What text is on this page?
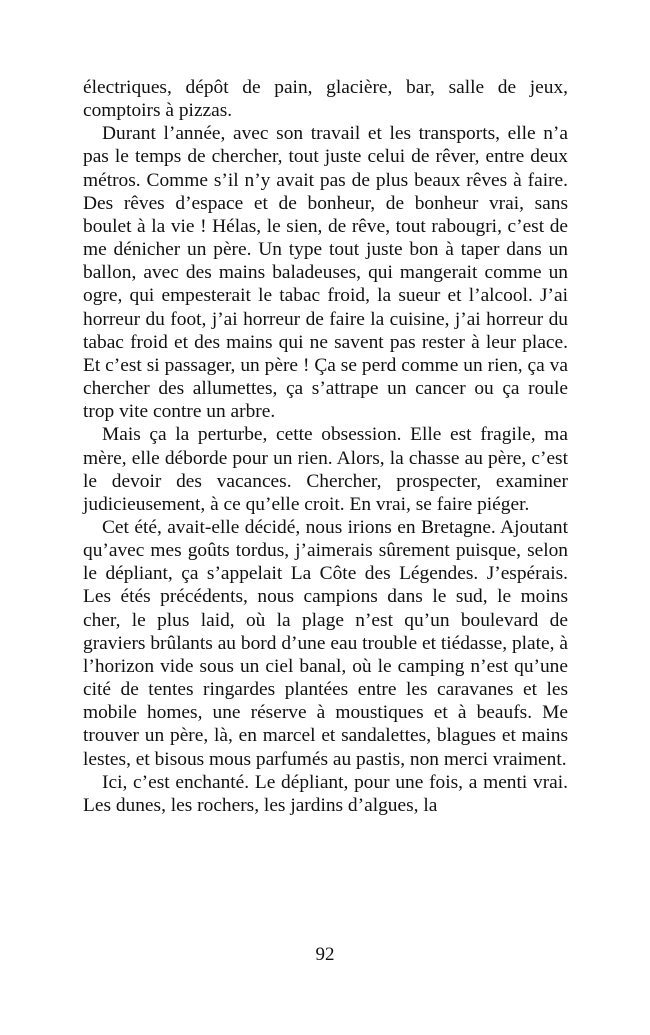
électriques, dépôt de pain, glacière, bar, salle de jeux, comptoirs à pizzas.

Durant l’année, avec son travail et les transports, elle n’a pas le temps de chercher, tout juste celui de rêver, entre deux métros. Comme s’il n’y avait pas de plus beaux rêves à faire. Des rêves d’espace et de bonheur, de bonheur vrai, sans boulet à la vie ! Hélas, le sien, de rêve, tout rabougri, c’est de me dénicher un père. Un type tout juste bon à taper dans un ballon, avec des mains baladeuses, qui mangerait comme un ogre, qui empesterait le tabac froid, la sueur et l’alcool. J’ai horreur du foot, j’ai horreur de faire la cuisine, j’ai horreur du tabac froid et des mains qui ne savent pas rester à leur place. Et c’est si passager, un père ! Ça se perd comme un rien, ça va chercher des allumettes, ça s’attrape un cancer ou ça roule trop vite contre un arbre.

Mais ça la perturbe, cette obsession. Elle est fragile, ma mère, elle déborde pour un rien. Alors, la chasse au père, c’est le devoir des vacances. Chercher, prospecter, examiner judicieusement, à ce qu’elle croit. En vrai, se faire piéger.

Cet été, avait-elle décidé, nous irions en Bretagne. Ajoutant qu’avec mes goûts tordus, j’aimerais sûrement puisque, selon le dépliant, ça s’appelait La Côte des Légendes. J’espérais. Les étés précédents, nous campions dans le sud, le moins cher, le plus laid, où la plage n’est qu’un boulevard de graviers brûlants au bord d’une eau trouble et tiédasse, plate, à l’horizon vide sous un ciel banal, où le camping n’est qu’une cité de tentes ringardes plantées entre les caravanes et les mobile homes, une réserve à moustiques et à beaufs. Me trouver un père, là, en marcel et sandalettes, blagues et mains lestes, et bisous mous parfumés au pastis, non merci vraiment.

Ici, c’est enchanté. Le dépliant, pour une fois, a menti vrai. Les dunes, les rochers, les jardins d’algues, la

92
